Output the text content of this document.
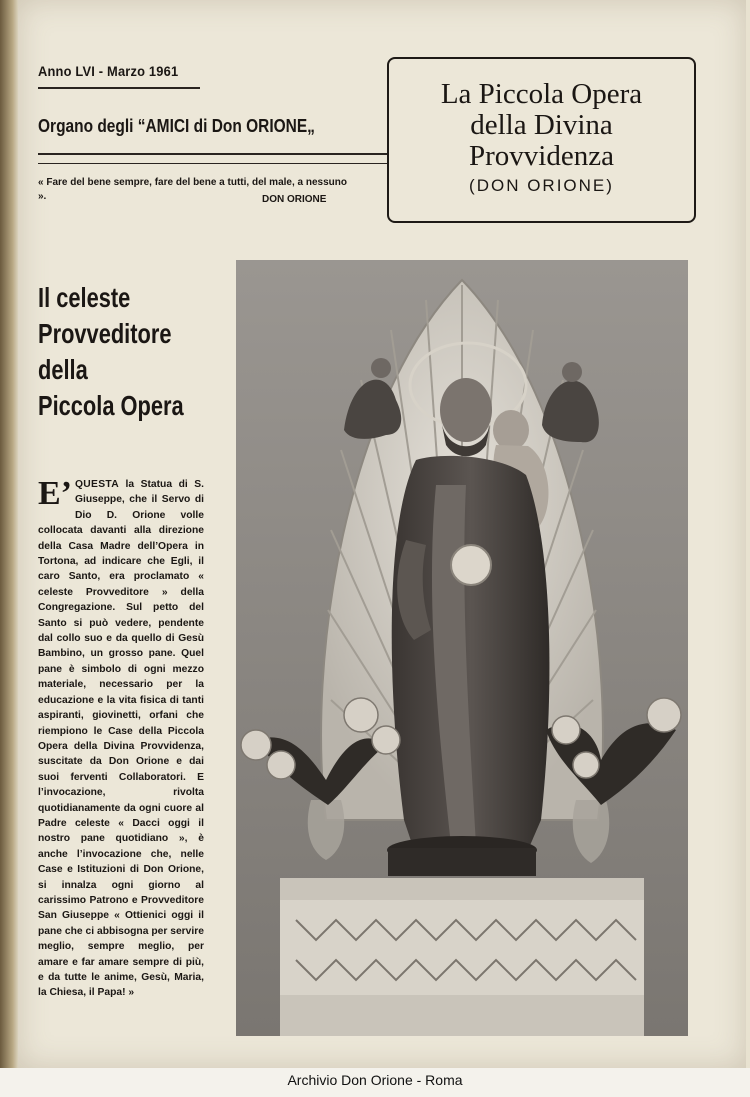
Anno LVI - Marzo 1961
Organo degli “AMICI di Don ORIONE„
« Fare del bene sempre, fare del bene a tutti, del male, a nessuno ».	DON ORIONE
La Piccola Opera
della Divina
Provvidenza
(DON ORIONE)
Il celeste
Provveditore
della
Piccola Opera
E’ QUESTA la Statua di S. Giuseppe, che il Servo di Dio D. Orione volle collocata davanti alla direzione della Casa Madre dell’Opera in Tortona, ad indicare che Egli, il caro Santo, era proclamato « celeste Provveditore » della Congregazione. Sul petto del Santo si può vedere, pendente dal collo suo e da quello di Gesù Bambino, un grosso pane. Quel pane è simbolo di ogni mezzo materiale, necessario per la educazione e la vita fisica di tanti aspiranti, giovinetti, orfani che riempiono le Case della Piccola Opera della Divina Provvidenza, suscitate da Don Orione e dai suoi ferventi Collaboratori. E l’invocazione, rivolta quotidianamente da ogni cuore al Padre celeste « Dacci oggi il nostro pane quotidiano », è anche l’invocazione che, nelle Case e Istituzioni di Don Orione, si innalza ogni giorno al carissimo Patrono e Provveditore San Giuseppe « Ottienici oggi il pane che ci abbisogna per servire meglio, sempre meglio, per amare e far amare sempre di più, e da tutte le anime, Gesù, Maria, la Chiesa, il Papa! »
Archivio Don Orione - Roma
